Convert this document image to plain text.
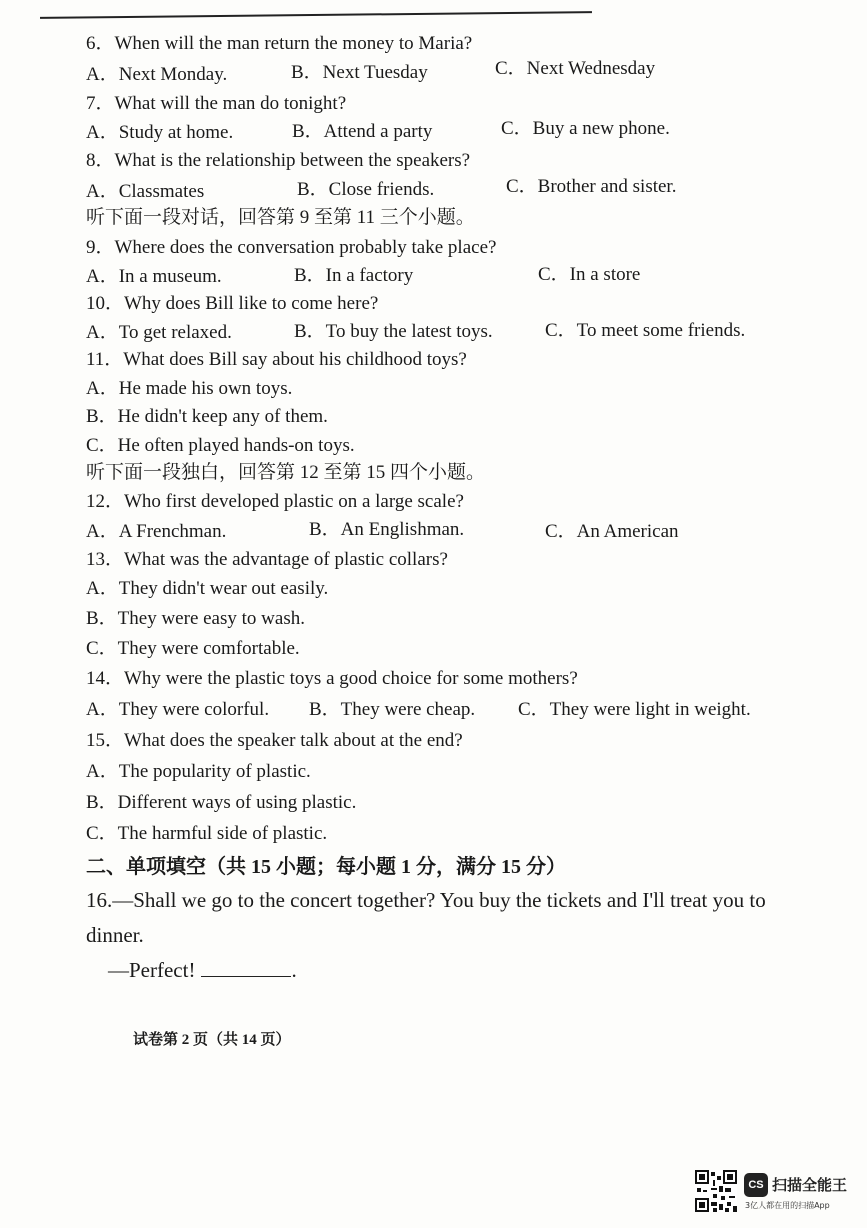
6．When will the man return the money to Maria?
A．Next Monday.	B．Next Tuesday	C．Next Wednesday
7．What will the man do tonight?
A．Study at home.	B．Attend a party	C．Buy a new phone.
8．What is the relationship between the speakers?
A．Classmates	B．Close friends.	C．Brother and sister.
听下面一段对话，回答第 9 至第 11 三个小题。
9．Where does the conversation probably take place?
A．In a museum.	B．In a factory	C．In a store
10．Why does Bill like to come here?
A．To get relaxed.	B．To buy the latest toys.	C．To meet some friends.
11．What does Bill say about his childhood toys?
A．He made his own toys.
B．He didn't keep any of them.
C．He often played hands-on toys.
听下面一段独白，回答第 12 至第 15 四个小题。
12．Who first developed plastic on a large scale?
A．A Frenchman.	B．An Englishman.	C．An American
13．What was the advantage of plastic collars?
A．They didn't wear out easily.
B．They were easy to wash.
C．They were comfortable.
14．Why were the plastic toys a good choice for some mothers?
A．They were colorful. B．They were cheap. C．They were light in weight.
15．What does the speaker talk about at the end?
A．The popularity of plastic.
B．Different ways of using plastic.
C．The harmful side of plastic.
二、单项填空（共 15 小题；每小题 1 分，满分 15 分）
16.—Shall we go to the concert together? You buy the tickets and I'll treat you to
dinner.
—Perfect!	.
试卷第 2 页（共 14 页）
CS 扫描全能王
3亿人都在用的扫描App
